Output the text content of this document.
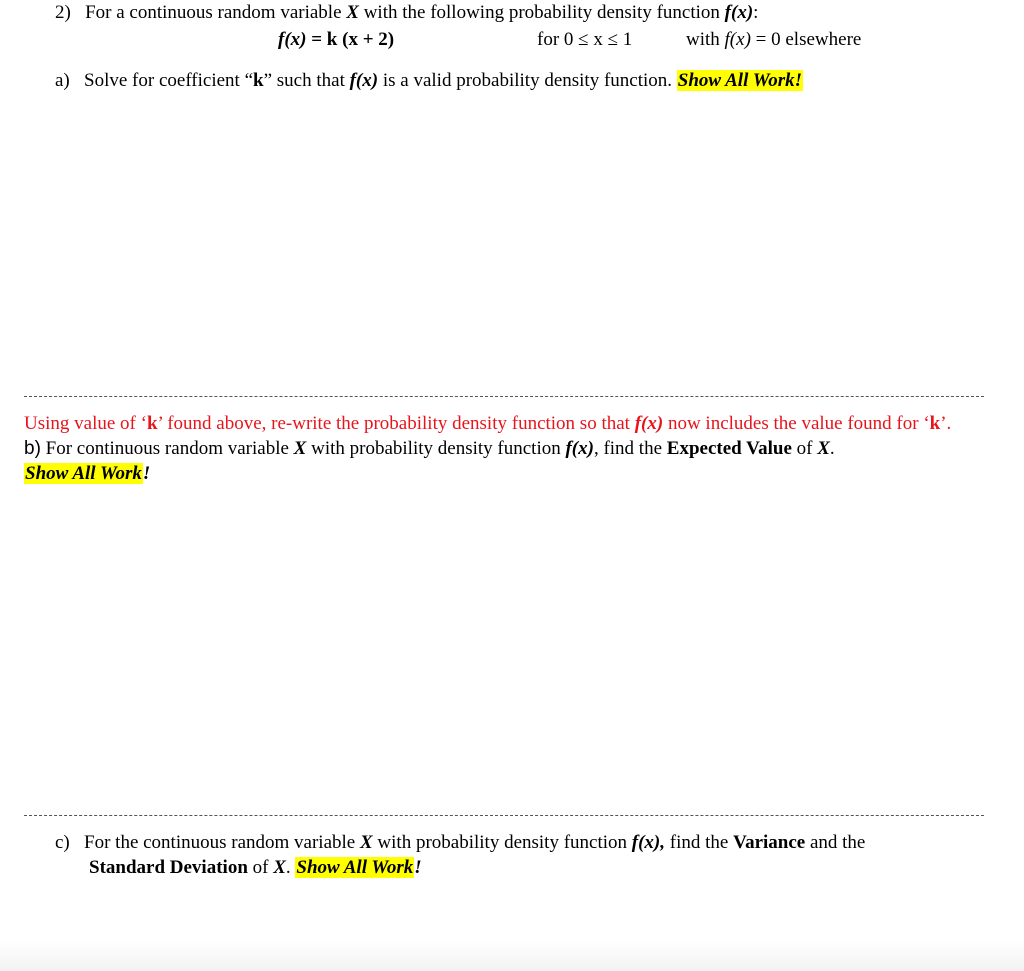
2) For a continuous random variable X with the following probability density function f(x):
f(x) = k (x + 2)	for 0 ≤ x ≤ 1	with f(x) = 0 elsewhere
a) Solve for coefficient “k” such that f(x) is a valid probability density function. Show All Work!
Using value of ‘k’ found above, re-write the probability density function so that f(x) now includes the value found for ‘k’.
b) For continuous random variable X with probability density function f(x), find the Expected Value of X.
Show All Work!
c) For the continuous random variable X with probability density function f(x), find the Variance and the
Standard Deviation of X. Show All Work!
